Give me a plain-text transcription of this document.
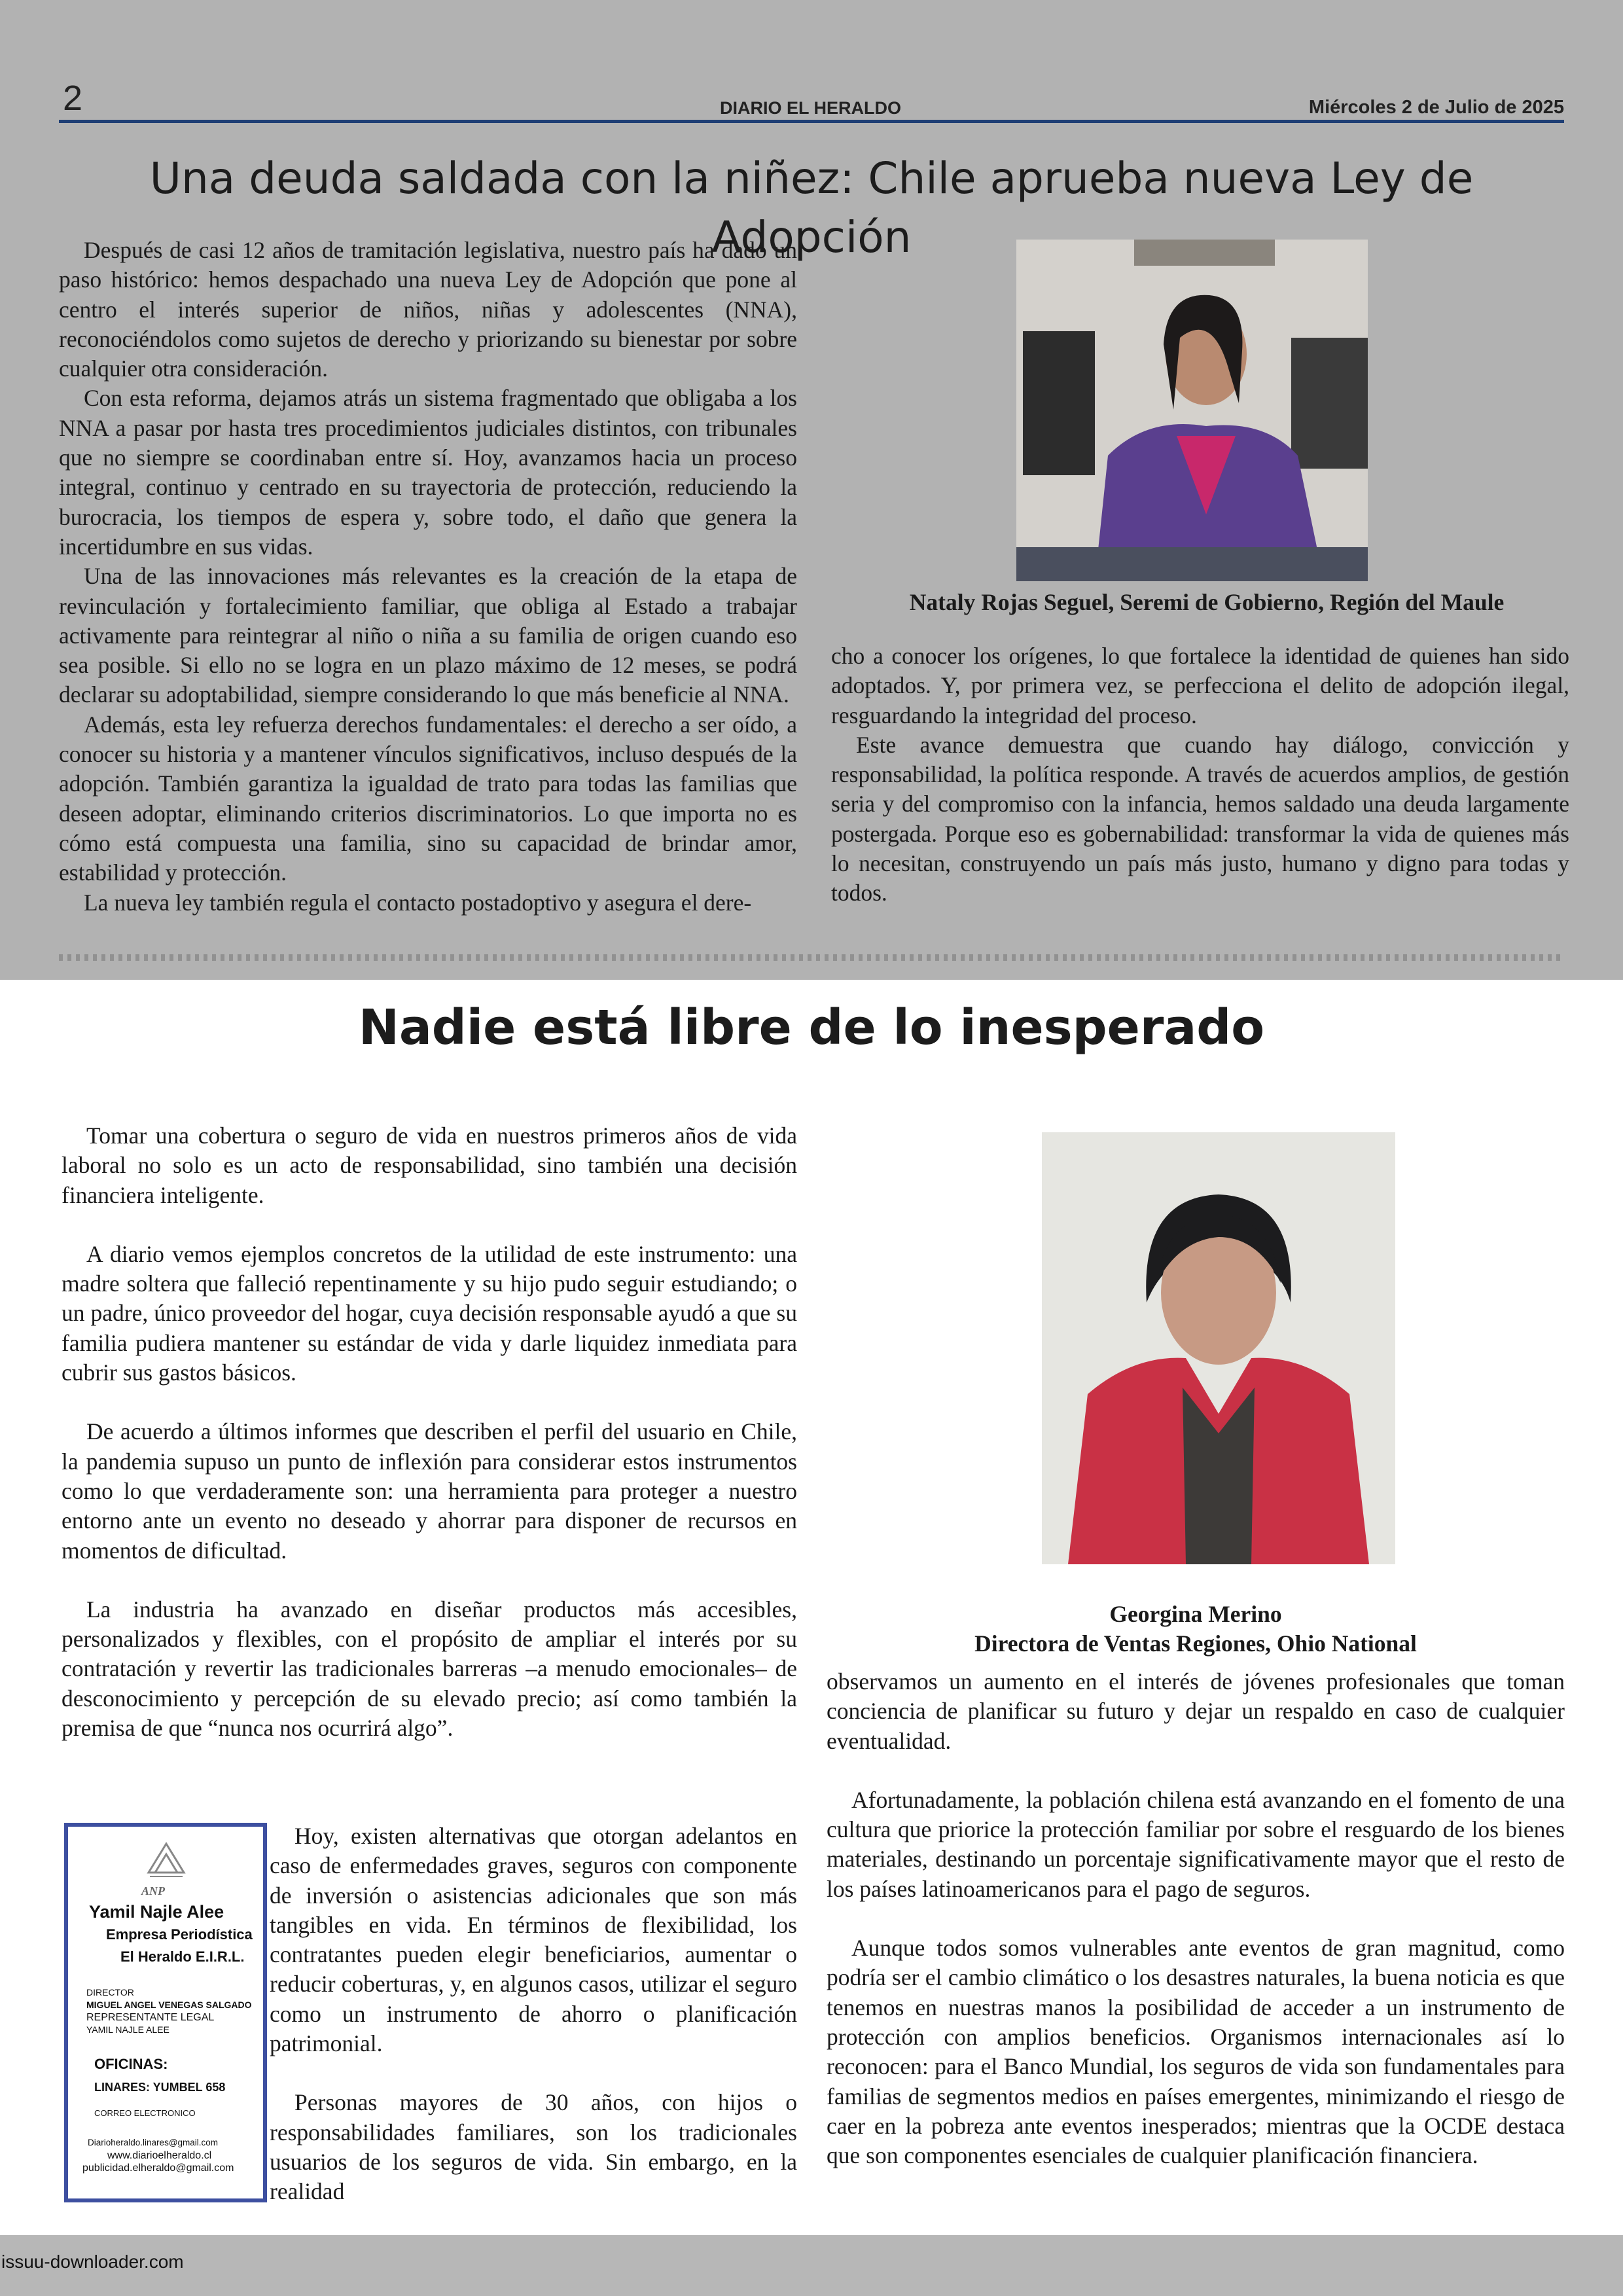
2	DIARIO EL HERALDO	Miércoles 2 de Julio de 2025
Una deuda saldada con la niñez: Chile aprueba nueva Ley de Adopción

Después de casi 12 años de tramitación legislativa, nuestro país ha dado un paso histórico: hemos despachado una nueva Ley de Adopción que pone al centro el interés superior de niños, niñas y adolescentes (NNA), reconociéndolos como sujetos de derecho y priorizando su bienestar por sobre cualquier otra consideración.

Con esta reforma, dejamos atrás un sistema fragmentado que obligaba a los NNA a pasar por hasta tres procedimientos judiciales distintos, con tribunales que no siempre se coordinaban entre sí. Hoy, avanzamos hacia un proceso integral, continuo y centrado en su trayectoria de protección, reduciendo la burocracia, los tiempos de espera y, sobre todo, el daño que genera la incertidumbre en sus vidas.

Una de las innovaciones más relevantes es la creación de la etapa de revinculación y fortalecimiento familiar, que obliga al Estado a trabajar activamente para reintegrar al niño o niña a su familia de origen cuando eso sea posible. Si ello no se logra en un plazo máximo de 12 meses, se podrá declarar su adoptabilidad, siempre considerando lo que más beneficie al NNA.

Además, esta ley refuerza derechos fundamentales: el derecho a ser oído, a conocer su historia y a mantener vínculos significativos, incluso después de la adopción. También garantiza la igualdad de trato para todas las familias que deseen adoptar, eliminando criterios discriminatorios. Lo que importa no es cómo está compuesta una familia, sino su capacidad de brindar amor, estabilidad y protección.

La nueva ley también regula el contacto postadoptivo y asegura el dere-

Nataly Rojas Seguel, Seremi de Gobierno, Región del Maule

cho a conocer los orígenes, lo que fortalece la identidad de quienes han sido adoptados. Y, por primera vez, se perfecciona el delito de adopción ilegal, resguardando la integridad del proceso.

Este avance demuestra que cuando hay diálogo, convicción y responsabilidad, la política responde. A través de acuerdos amplios, de gestión seria y del compromiso con la infancia, hemos saldado una deuda largamente postergada. Porque eso es gobernabilidad: transformar la vida de quienes más lo necesitan, construyendo un país más justo, humano y digno para todas y todos.

Nadie está libre de lo inesperado

Tomar una cobertura o seguro de vida en nuestros primeros años de vida laboral no solo es un acto de responsabilidad, sino también una decisión financiera inteligente.

A diario vemos ejemplos concretos de la utilidad de este instrumento: una madre soltera que falleció repentinamente y su hijo pudo seguir estudiando; o un padre, único proveedor del hogar, cuya decisión responsable ayudó a que su familia pudiera mantener su estándar de vida y darle liquidez inmediata para cubrir sus gastos básicos.

De acuerdo a últimos informes que describen el perfil del usuario en Chile, la pandemia supuso un punto de inflexión para considerar estos instrumentos como lo que verdaderamente son: una herramienta para proteger a nuestro entorno ante un evento no deseado y ahorrar para disponer de recursos en momentos de dificultad.

La industria ha avanzado en diseñar productos más accesibles, personalizados y flexibles, con el propósito de ampliar el interés por su contratación y revertir las tradicionales barreras –a menudo emocionales– de desconocimiento y percepción de su elevado precio; así como también la premisa de que “nunca nos ocurrirá algo”.

ANP
Yamil Najle Alee
Empresa Periodística
El Heraldo E.I.R.L.
DIRECTOR
MIGUEL ANGEL VENEGAS SALGADO
REPRESENTANTE LEGAL
YAMIL NAJLE ALEE
OFICINAS:
LINARES: YUMBEL 658
CORREO ELECTRONICO
Diarioheraldo.linares@gmail.com
www.diarioelheraldo.cl
publicidad.elheraldo@gmail.com

Hoy, existen alternativas que otorgan adelantos en caso de enfermedades graves, seguros con componente de inversión o asistencias adicionales que son más tangibles en vida. En términos de flexibilidad, los contratantes pueden elegir beneficiarios, aumentar o reducir coberturas, y, en algunos casos, utilizar el seguro como un instrumento de ahorro o planificación patrimonial.

Personas mayores de 30 años, con hijos o responsabilidades familiares, son los tradicionales usuarios de los seguros de vida. Sin embargo, en la realidad

Georgina Merino
Directora de Ventas Regiones, Ohio National

observamos un aumento en el interés de jóvenes profesionales que toman conciencia de planificar su futuro y dejar un respaldo en caso de cualquier eventualidad.

Afortunadamente, la población chilena está avanzando en el fomento de una cultura que priorice la protección familiar por sobre el resguardo de los bienes materiales, destinando un porcentaje significativamente mayor que el resto de los países latinoamericanos para el pago de seguros.

Aunque todos somos vulnerables ante eventos de gran magnitud, como podría ser el cambio climático o los desastres naturales, la buena noticia es que tenemos en nuestras manos la posibilidad de acceder a un instrumento de protección con amplios beneficios. Organismos internacionales así lo reconocen: para el Banco Mundial, los seguros de vida son fundamentales para familias de segmentos medios en países emergentes, minimizando el riesgo de caer en la pobreza ante eventos inesperados; mientras que la OCDE destaca que son componentes esenciales de cualquier planificación financiera.

issuu-downloader.com
